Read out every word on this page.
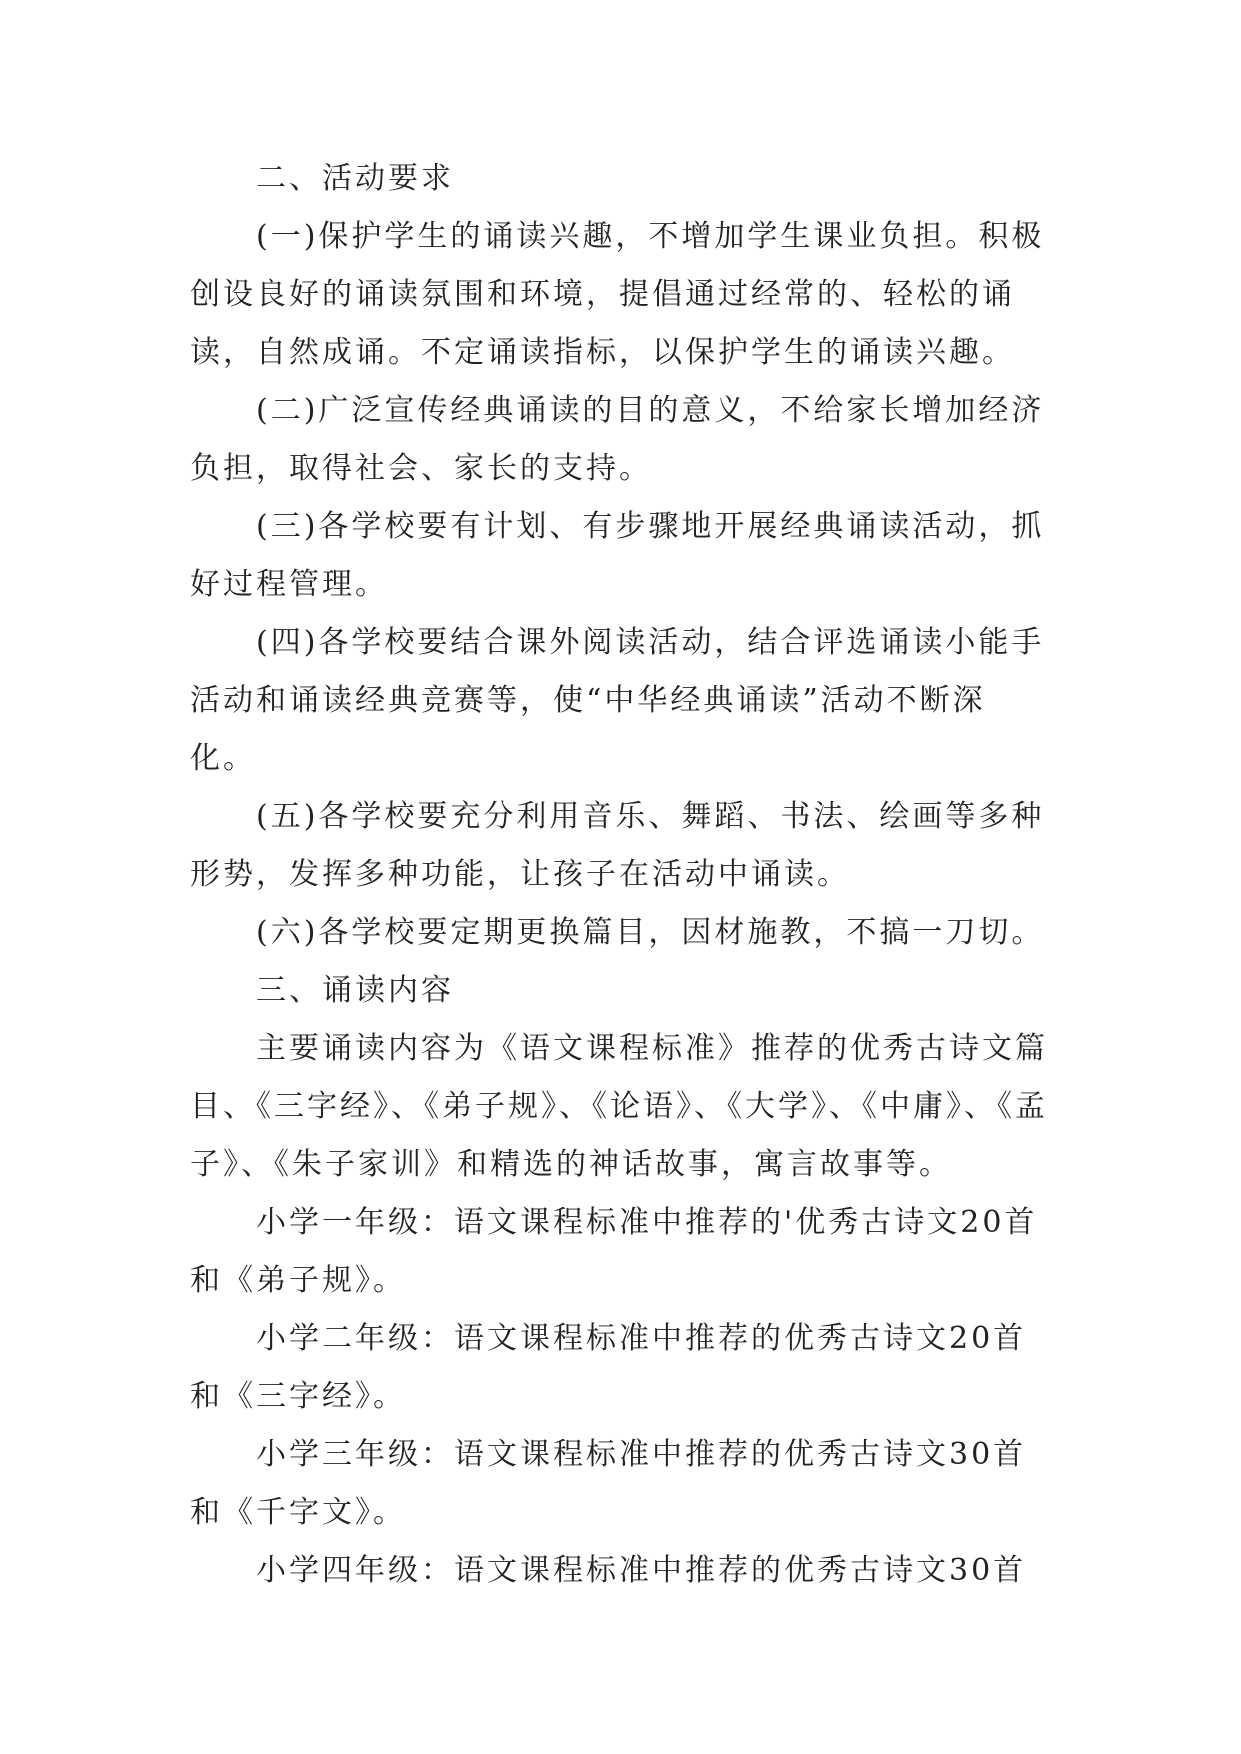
二、活动要求

(一)保护学生的诵读兴趣，不增加学生课业负担。积极创设良好的诵读氛围和环境，提倡通过经常的、轻松的诵读，自然成诵。不定诵读指标，以保护学生的诵读兴趣。

(二)广泛宣传经典诵读的目的意义，不给家长增加经济负担，取得社会、家长的支持。

(三)各学校要有计划、有步骤地开展经典诵读活动，抓好过程管理。

(四)各学校要结合课外阅读活动，结合评选诵读小能手活动和诵读经典竞赛等，使“中华经典诵读”活动不断深化。

(五)各学校要充分利用音乐、舞蹈、书法、绘画等多种形势，发挥多种功能，让孩子在活动中诵读。

(六)各学校要定期更换篇目，因材施教，不搞一刀切。

三、诵读内容

主要诵读内容为《语文课程标准》推荐的优秀古诗文篇目、《三字经》、《弟子规》、《论语》、《大学》、《中庸》、《孟子》、《朱子家训》和精选的神话故事，寓言故事等。

小学一年级：语文课程标准中推荐的'优秀古诗文20首和《弟子规》。

小学二年级：语文课程标准中推荐的优秀古诗文20首和《三字经》。

小学三年级：语文课程标准中推荐的优秀古诗文30首和《千字文》。

小学四年级：语文课程标准中推荐的优秀古诗文30首
